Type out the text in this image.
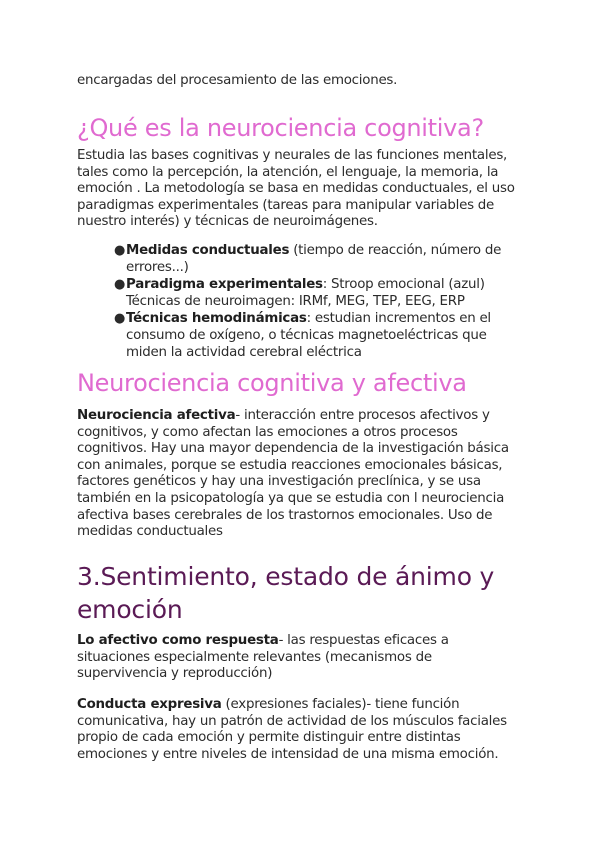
encargadas del procesamiento de las emociones.

¿Qué es la neurociencia cognitiva?

Estudia las bases cognitivas y neurales de las funciones mentales, tales como la percepción, la atención, el lenguaje, la memoria, la emoción . La metodología se basa en medidas conductuales, el uso paradigmas experimentales (tareas para manipular variables de nuestro interés) y técnicas de neuroimágenes.

● Medidas conductuales (tiempo de reacción, número de errores...)
● Paradigma experimentales: Stroop emocional (azul) Técnicas de neuroimagen: IRMf, MEG, TEP, EEG, ERP
● Técnicas hemodinámicas: estudian incrementos en el consumo de oxígeno, o técnicas magnetoeléctricas que miden la actividad cerebral eléctrica
Neurociencia cognitiva y afectiva

Neurociencia afectiva- interacción entre procesos afectivos y cognitivos, y como afectan las emociones a otros procesos cognitivos. Hay una mayor dependencia de la investigación básica con animales, porque se estudia reacciones emocionales básicas, factores genéticos y hay una investigación preclínica, y se usa también en la psicopatología ya que se estudia con l neurociencia afectiva bases cerebrales de los trastornos emocionales. Uso de medidas conductuales

3.Sentimiento, estado de ánimo y emoción

Lo afectivo como respuesta- las respuestas eficaces a situaciones especialmente relevantes (mecanismos de supervivencia y reproducción)

Conducta expresiva (expresiones faciales)- tiene función comunicativa, hay un patrón de actividad de los músculos faciales propio de cada emoción y permite distinguir entre distintas emociones y entre niveles de intensidad de una misma emoción.
